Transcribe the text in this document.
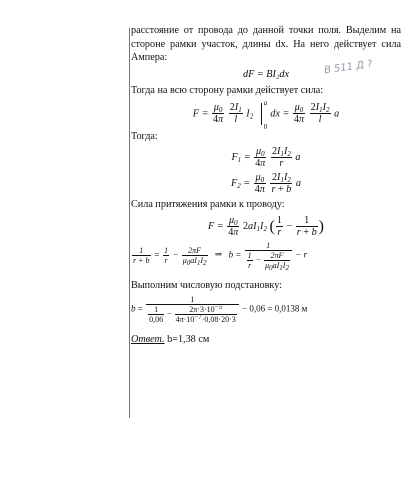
расстояние от провода до данной точки поля. Выделим на стороне рамки участок, длины dx. На него действует сила Ампера:

dF = BI₂dx

Тогда на всю сторону рамки действует сила:

$F = \frac{\mu_0}{4\pi}$
$\frac{2I_1}{l} I_2$
a
0
dx = $\frac{\mu_0}{4\pi}$
$\frac{2I_1I_2}{l}$ a

Тогда:

$F_1 = \frac{\mu_0}{4\pi}$
$\frac{2I_1I_2}{r}$ a
$F_2 = \frac{\mu_0}{4\pi}$
$\frac{2I_1I_2}{r + b}$ a

Сила притяжения рамки к проводу:

$F = \frac{\mu_0}{4\pi} 2aI_1I_2$ ( $\frac{1}{r} - \frac{1}{r + b}$ )
$\frac{1}{r + b} = \frac{1}{r} - \frac{2\pi F}{\mu_0aI_1I_2}$ ⇒ $b = \frac{1}{\frac{1}{r} - \frac{2\pi F}{\mu_0aI_1I_2}} - r$

Выполним числовую подстановку:

$b = \frac{1}{\frac{1}{0,06} - \frac{2\pi\cdot 3\cdot 10^{-5}}{4\pi\cdot 10^{-7}\cdot 0,08\cdot 20\cdot 3}} - 0,06 = 0,0138$ м

Ответ. b=1,38 см

В 511 Д ?
